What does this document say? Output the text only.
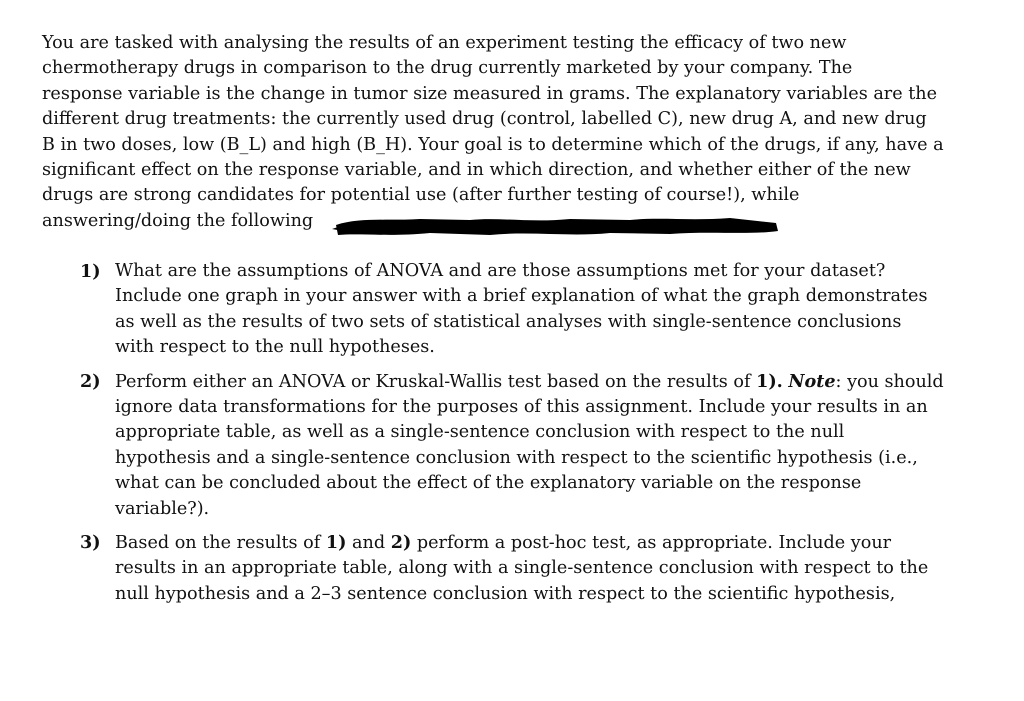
You are tasked with analysing the results of an experiment testing the efficacy of two new
chermotherapy drugs in comparison to the drug currently marketed by your company. The
response variable is the change in tumor size measured in grams. The explanatory variables are the
different drug treatments: the currently used drug (control, labelled C), new drug A, and new drug
B in two doses, low (B_L) and high (B_H). Your goal is to determine which of the drugs, if any, have a
significant effect on the response variable, and in which direction, and whether either of the new
drugs are strong candidates for potential use (after further testing of course!), while
answering/doing the following
1) What are the assumptions of ANOVA and are those assumptions met for your dataset?
Include one graph in your answer with a brief explanation of what the graph demonstrates
as well as the results of two sets of statistical analyses with single-sentence conclusions
with respect to the null hypotheses.
2) Perform either an ANOVA or Kruskal-Wallis test based on the results of 1). Note: you should
ignore data transformations for the purposes of this assignment. Include your results in an
appropriate table, as well as a single-sentence conclusion with respect to the null
hypothesis and a single-sentence conclusion with respect to the scientific hypothesis (i.e.,
what can be concluded about the effect of the explanatory variable on the response
variable?).
3) Based on the results of 1) and 2) perform a post-hoc test, as appropriate. Include your
results in an appropriate table, along with a single-sentence conclusion with respect to the
null hypothesis and a 2–3 sentence conclusion with respect to the scientific hypothesis,
